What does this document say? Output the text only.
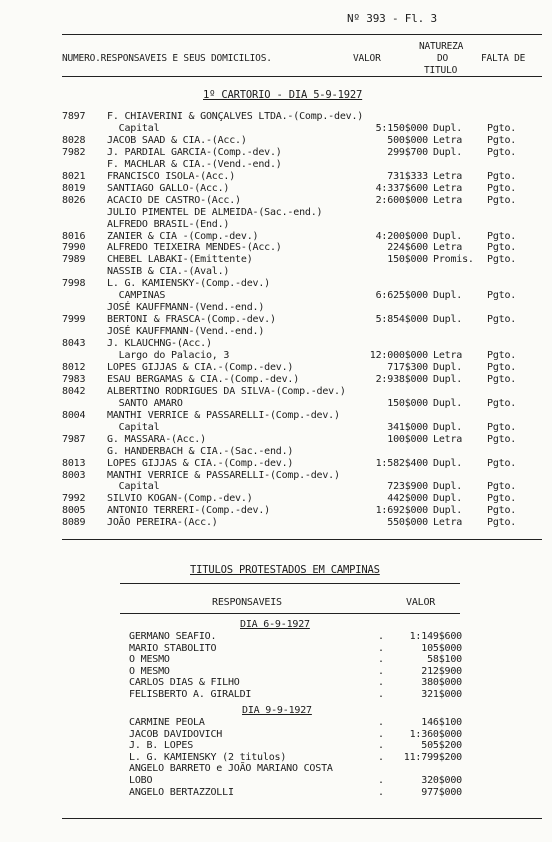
Nº 393 - Fl. 3
NUMERO.RESPONSAVEIS E SEUS DOMICILIOS.	VALOR
NATUREZA
DO
TITULO
FALTA DE
1º CARTORIO - DIA 5-9-1927
7897 F. CHIAVERINI & GONÇALVES LTDA.-(Comp.-dev.)
Capital	5:150$000 Dupl. Pgto.
8028 JACOB SAAD & CIA.-(Acc.)	500$000 Letra Pgto.
7982 J. PARDIAL GARCIA-(Comp.-dev.)	299$700 Dupl. Pgto.
F. MACHLAR & CIA.-(Vend.-end.)
8021 FRANCISCO ISOLA-(Acc.)	731$333 Letra Pgto.
8019 SANTIAGO GALLO-(Acc.)	4:337$600 Letra Pgto.
8026 ACACIO DE CASTRO-(Acc.)	2:600$000 Letra Pgto.
JULIO PIMENTEL DE ALMEIDA-(Sac.-end.)
ALFREDO BRASIL-(End.)
8016 ZANIER & CIA -(Comp.-dev.)	4:200$000 Dupl. Pgto.
7990 ALFREDO TEIXEIRA MENDES-(Acc.)	224$600 Letra Pgto.
7989 CHEBEL LABAKI-(Emittente)	150$000 Promis. Pgto.
NASSIB & CIA.-(Aval.)
7998 L. G. KAMIENSKY-(Comp.-dev.)
CAMPINAS	6:625$000 Dupl. Pgto.
JOSÉ KAUFFMANN-(Vend.-end.)
7999 BERTONI & FRASCA-(Comp.-dev.)	5:854$000 Dupl. Pgto.
JOSÉ KAUFFMANN-(Vend.-end.)
8043 J. KLAUCHNG-(Acc.)
Largo do Palacio, 3	12:000$000 Letra Pgto.
8012 LOPES GIJJAS & CIA.-(Comp.-dev.)	717$300 Dupl. Pgto.
7983 ESAU BERGAMAS & CIA.-(Comp.-dev.)	2:938$000 Dupl. Pgto.
8042 ALBERTINO RODRIGUES DA SILVA-(Comp.-dev.)
SANTO AMARO	150$000 Dupl. Pgto.
8004 MANTHI VERRICE & PASSARELLI-(Comp.-dev.)
Capital	341$000 Dupl. Pgto.
7987 G. MASSARA-(Acc.)	100$000 Letra Pgto.
G. HANDERBACH & CIA.-(Sac.-end.)
8013 LOPES GIJJAS & CIA.-(Comp.-dev.)	1:582$400 Dupl. Pgto.
8003 MANTHI VERRICE & PASSARELLI-(Comp.-dev.)
Capital	723$900 Dupl. Pgto.
7992 SILVIO KOGAN-(Comp.-dev.)	442$000 Dupl. Pgto.
8005 ANTONIO TERRERI-(Comp.-dev.)	1:692$000 Dupl. Pgto.
8089 JOÃO PEREIRA-(Acc.)	550$000 Letra Pgto.
TITULOS PROTESTADOS EM CAMPINAS
RESPONSAVEIS	VALOR
DIA 6-9-1927
GERMANO SEAFIO.	.	1:149$600
MARIO STABOLITO	.	105$000
O MESMO	.	58$100
O MESMO	.	212$900
CARLOS DIAS & FILHO	.	380$000
FELISBERTO A. GIRALDI	.	321$000
DIA 9-9-1927
CARMINE PEOLA	.	146$100
JACOB DAVIDOVICH	.	1:360$000
J. B. LOPES	.	505$200
L. G. KAMIENSKY (2 titulos)	. 11:799$200
ANGELO BARRETO e JOÃO MARIANO COSTA
LOBO	.	320$000
ANGELO BERTAZZOLLI	.	977$000
